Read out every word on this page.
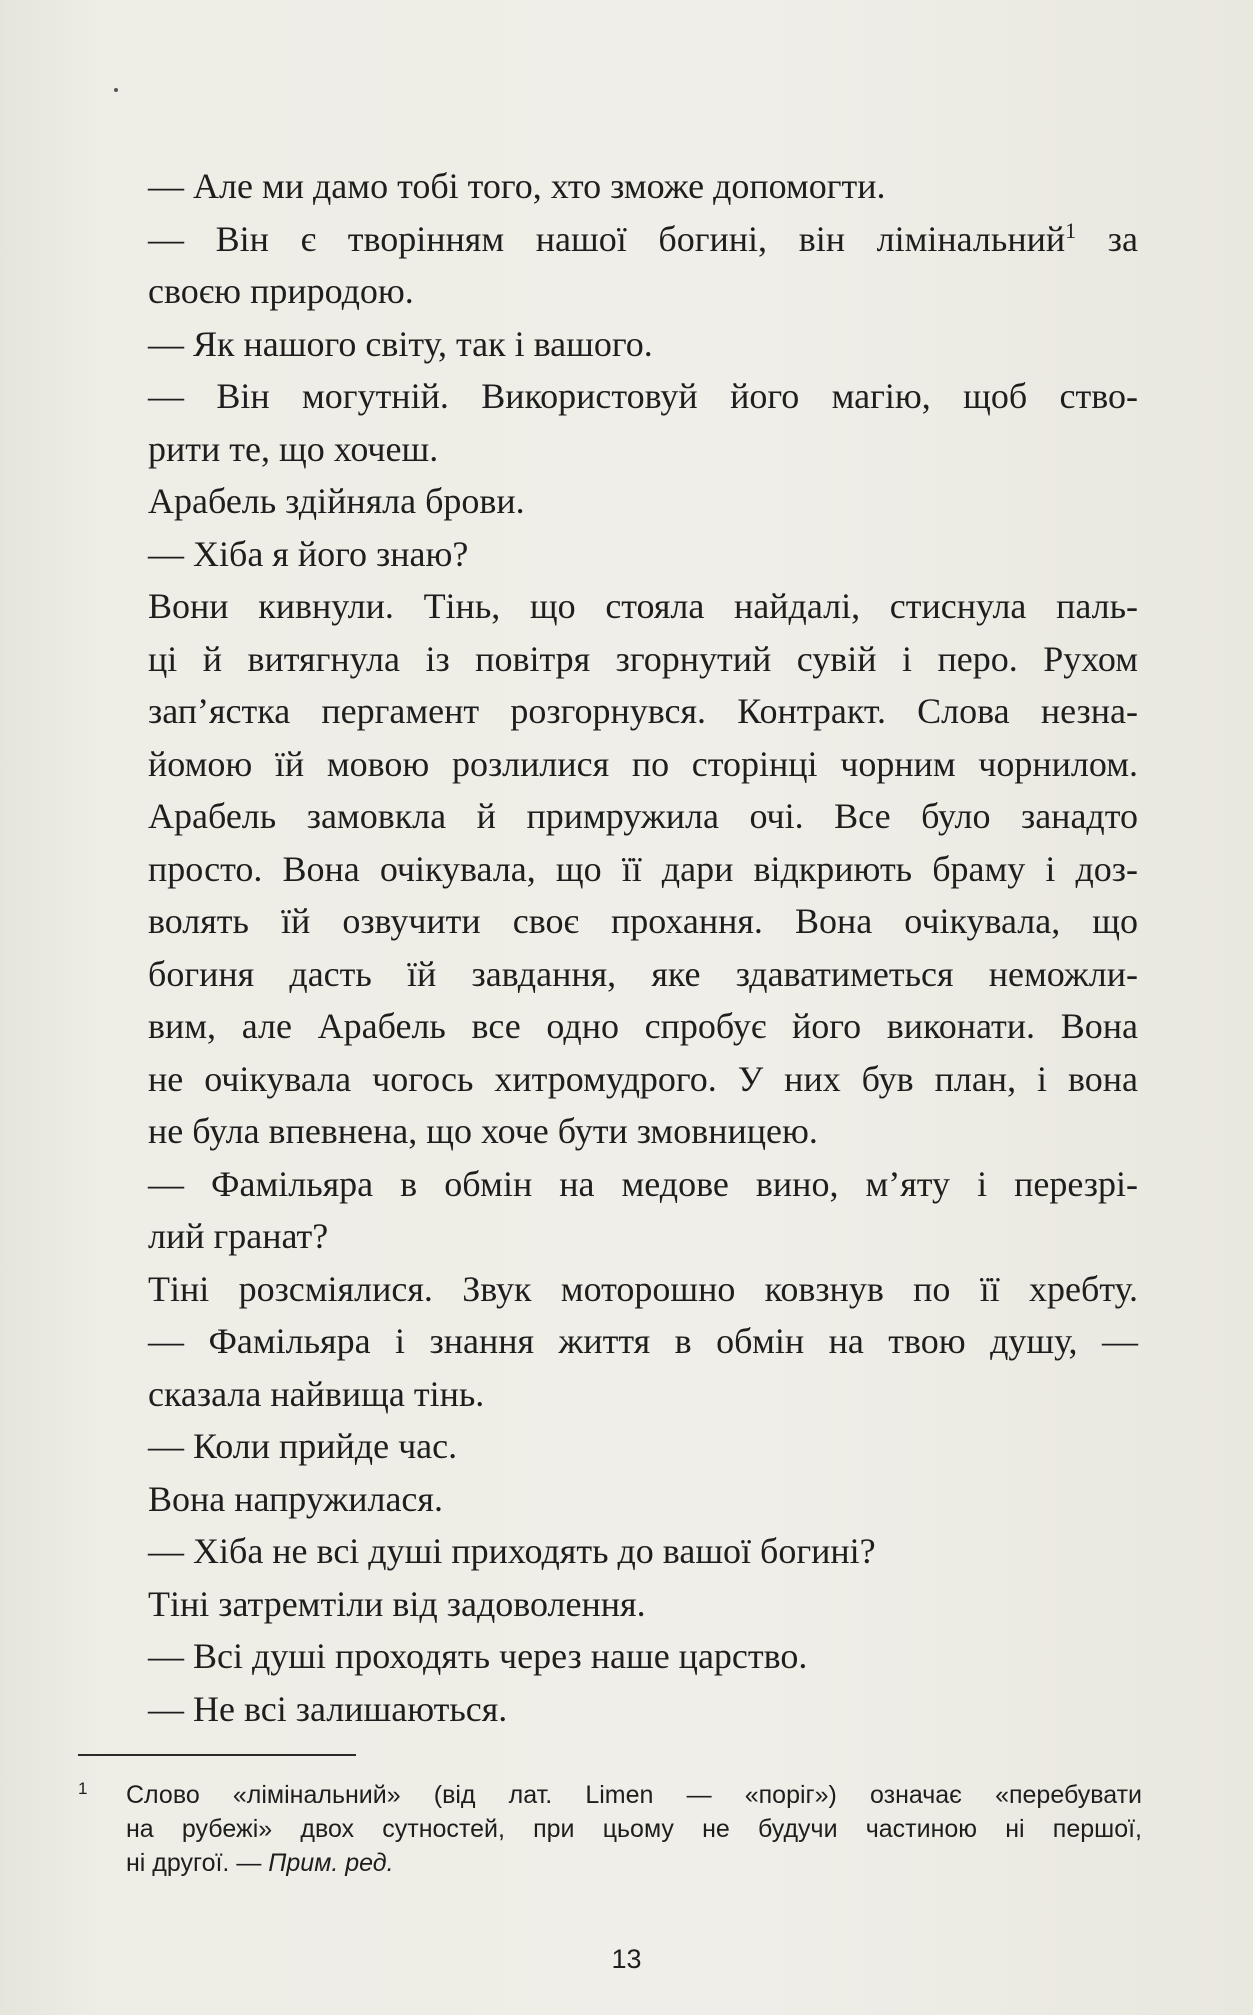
— Але ми дамо тобі того, хто зможе допомогти.
— Він є творінням нашої богині, він лімінальний$^1$ за
своєю природою.
— Як нашого світу, так і вашого.
— Він могутній. Використовуй його магію, щоб ство-
рити те, що хочеш.
Арабель здійняла брови.
— Хіба я його знаю?
Вони кивнули. Тінь, що стояла найдалі, стиснула паль-
ці й витягнула із повітря згорнутий сувій і перо. Рухом
зап’ястка пергамент розгорнувся. Контракт. Слова незна-
йомою їй мовою розлилися по сторінці чорним чорнилом.
Арабель замовкла й примружила очі. Все було занадто
просто. Вона очікувала, що її дари відкриють браму і доз-
волять їй озвучити своє прохання. Вона очікувала, що
богиня дасть їй завдання, яке здаватиметься неможли-
вим, але Арабель все одно спробує його виконати. Вона
не очікувала чогось хитромудрого. У них був план, і вона
не була впевнена, що хоче бути змовницею.
— Фамільяра в обмін на медове вино, м’яту і перезрі-
лий гранат?
Тіні розсміялися. Звук моторошно ковзнув по її хребту.
— Фамільяра і знання життя в обмін на твою душу, —
сказала найвища тінь.
— Коли прийде час.
Вона напружилася.
— Хіба не всі душі приходять до вашої богині?
Тіні затремтіли від задоволення.
— Всі душі проходять через наше царство.
— Не всі залишаються.
1 Слово «лімінальний» (від лат. Limen — «поріг») означає «перебувати
на рубежі» двох сутностей, при цьому не будучи частиною ні першої,
ні другої. — Прим. ред.
13
